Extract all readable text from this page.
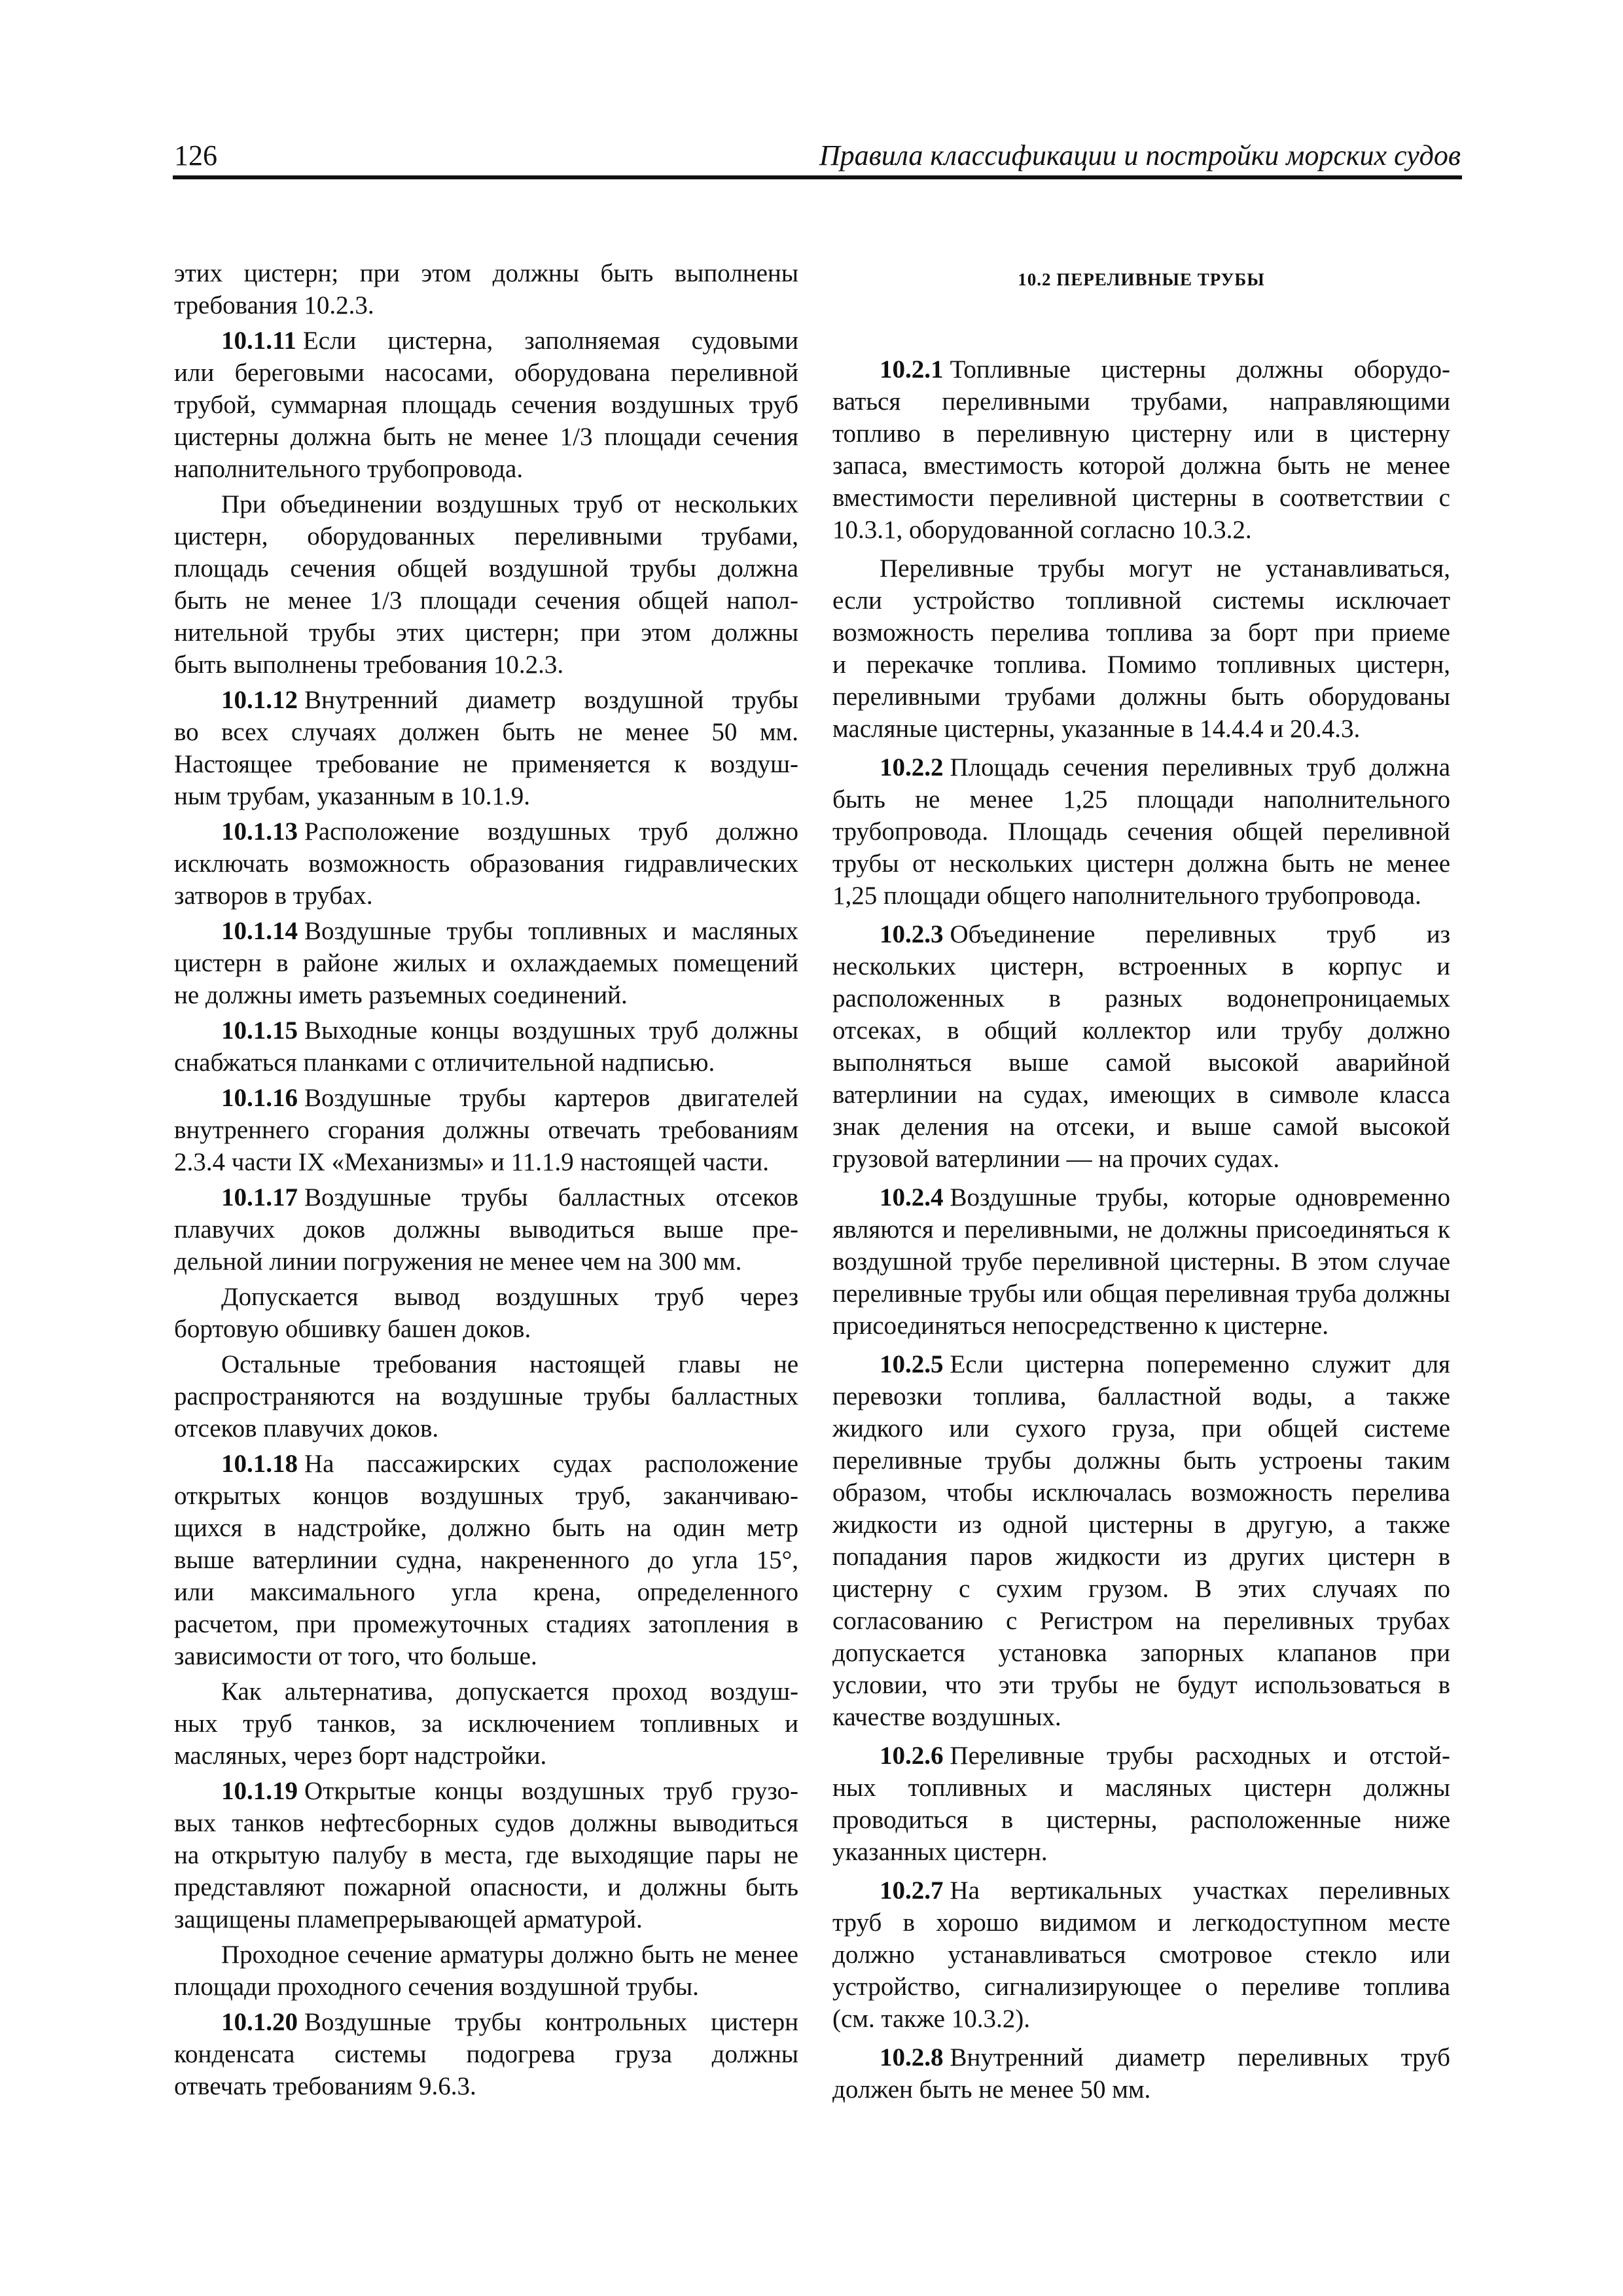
126	Правила классификации и постройки морских судов
10.2 ПЕРЕЛИВНЫЕ ТРУБЫ
этих цистерн; при этом должны быть выполнены
требования 10.2.3.
10.1.11 Если цистерна, заполняемая судовыми
или береговыми насосами, оборудована переливной
трубой, суммарная площадь сечения воздушных труб
цистерны должна быть не менее 1/3 площади сечения
наполнительного трубопровода.
При объединении воздушных труб от нескольких
цистерн, оборудованных переливными трубами,
площадь сечения общей воздушной трубы должна
быть не менее 1/3 площади сечения общей напол-
нительной трубы этих цистерн; при этом должны
быть выполнены требования 10.2.3.
10.1.12 Внутренний диаметр воздушной трубы
во всех случаях должен быть не менее 50 мм.
Настоящее требование не применяется к воздуш-
ным трубам, указанным в 10.1.9.
10.1.13 Расположение воздушных труб должно
исключать возможность образования гидравлических
затворов в трубах.
10.1.14 Воздушные трубы топливных и масляных
цистерн в районе жилых и охлаждаемых помещений
не должны иметь разъемных соединений.
10.1.15 Выходные концы воздушных труб должны
снабжаться планками с отличительной надписью.
10.1.16 Воздушные трубы картеров двигателей
внутреннего сгорания должны отвечать требованиям
2.3.4 части IX «Механизмы» и 11.1.9 настоящей части.
10.1.17 Воздушные трубы балластных отсеков
плавучих доков должны выводиться выше пре-
дельной линии погружения не менее чем на 300 мм.
Допускается вывод воздушных труб через
бортовую обшивку башен доков.
Остальные требования настоящей главы не
распространяются на воздушные трубы балластных
отсеков плавучих доков.
10.1.18 На пассажирских судах расположение
открытых концов воздушных труб, заканчиваю-
щихся в надстройке, должно быть на один метр
выше ватерлинии судна, накрененного до угла 15°,
или максимального угла крена, определенного
расчетом, при промежуточных стадиях затопления в
зависимости от того, что больше.
Как альтернатива, допускается проход воздуш-
ных труб танков, за исключением топливных и
масляных, через борт надстройки.
10.1.19 Открытые концы воздушных труб грузо-
вых танков нефтесборных судов должны выводиться
на открытую палубу в места, где выходящие пары не
представляют пожарной опасности, и должны быть
защищены пламепрерывающей арматурой.
Проходное сечение арматуры должно быть не менее
площади проходного сечения воздушной трубы.
10.1.20 Воздушные трубы контрольных цистерн
конденсата системы подогрева груза должны
отвечать требованиям 9.6.3.
10.2.1 Топливные цистерны должны оборудо-
ваться переливными трубами, направляющими
топливо в переливную цистерну или в цистерну
запаса, вместимость которой должна быть не менее
вместимости переливной цистерны в соответствии с
10.3.1, оборудованной согласно 10.3.2.
Переливные трубы могут не устанавливаться,
если устройство топливной системы исключает
возможность перелива топлива за борт при приеме
и перекачке топлива. Помимо топливных цистерн,
переливными трубами должны быть оборудованы
масляные цистерны, указанные в 14.4.4 и 20.4.3.
10.2.2 Площадь сечения переливных труб должна
быть не менее 1,25 площади наполнительного
трубопровода. Площадь сечения общей переливной
трубы от нескольких цистерн должна быть не менее
1,25 площади общего наполнительного трубопровода.
10.2.3 Объединение переливных труб из
нескольких цистерн, встроенных в корпус и
расположенных в разных водонепроницаемых
отсеках, в общий коллектор или трубу должно
выполняться выше самой высокой аварийной
ватерлинии на судах, имеющих в символе класса
знак деления на отсеки, и выше самой высокой
грузовой ватерлинии — на прочих судах.
10.2.4 Воздушные трубы, которые одновременно
являются и переливными, не должны присоединяться к
воздушной трубе переливной цистерны. В этом случае
переливные трубы или общая переливная труба должны
присоединяться непосредственно к цистерне.
10.2.5 Если цистерна попеременно служит для
перевозки топлива, балластной воды, а также
жидкого или сухого груза, при общей системе
переливные трубы должны быть устроены таким
образом, чтобы исключалась возможность перелива
жидкости из одной цистерны в другую, а также
попадания паров жидкости из других цистерн в
цистерну с сухим грузом. В этих случаях по
согласованию с Регистром на переливных трубах
допускается установка запорных клапанов при
условии, что эти трубы не будут использоваться в
качестве воздушных.
10.2.6 Переливные трубы расходных и отстой-
ных топливных и масляных цистерн должны
проводиться в цистерны, расположенные ниже
указанных цистерн.
10.2.7 На вертикальных участках переливных
труб в хорошо видимом и легкодоступном месте
должно устанавливаться смотровое стекло или
устройство, сигнализирующее о переливе топлива
(см. также 10.3.2).
10.2.8 Внутренний диаметр переливных труб
должен быть не менее 50 мм.
